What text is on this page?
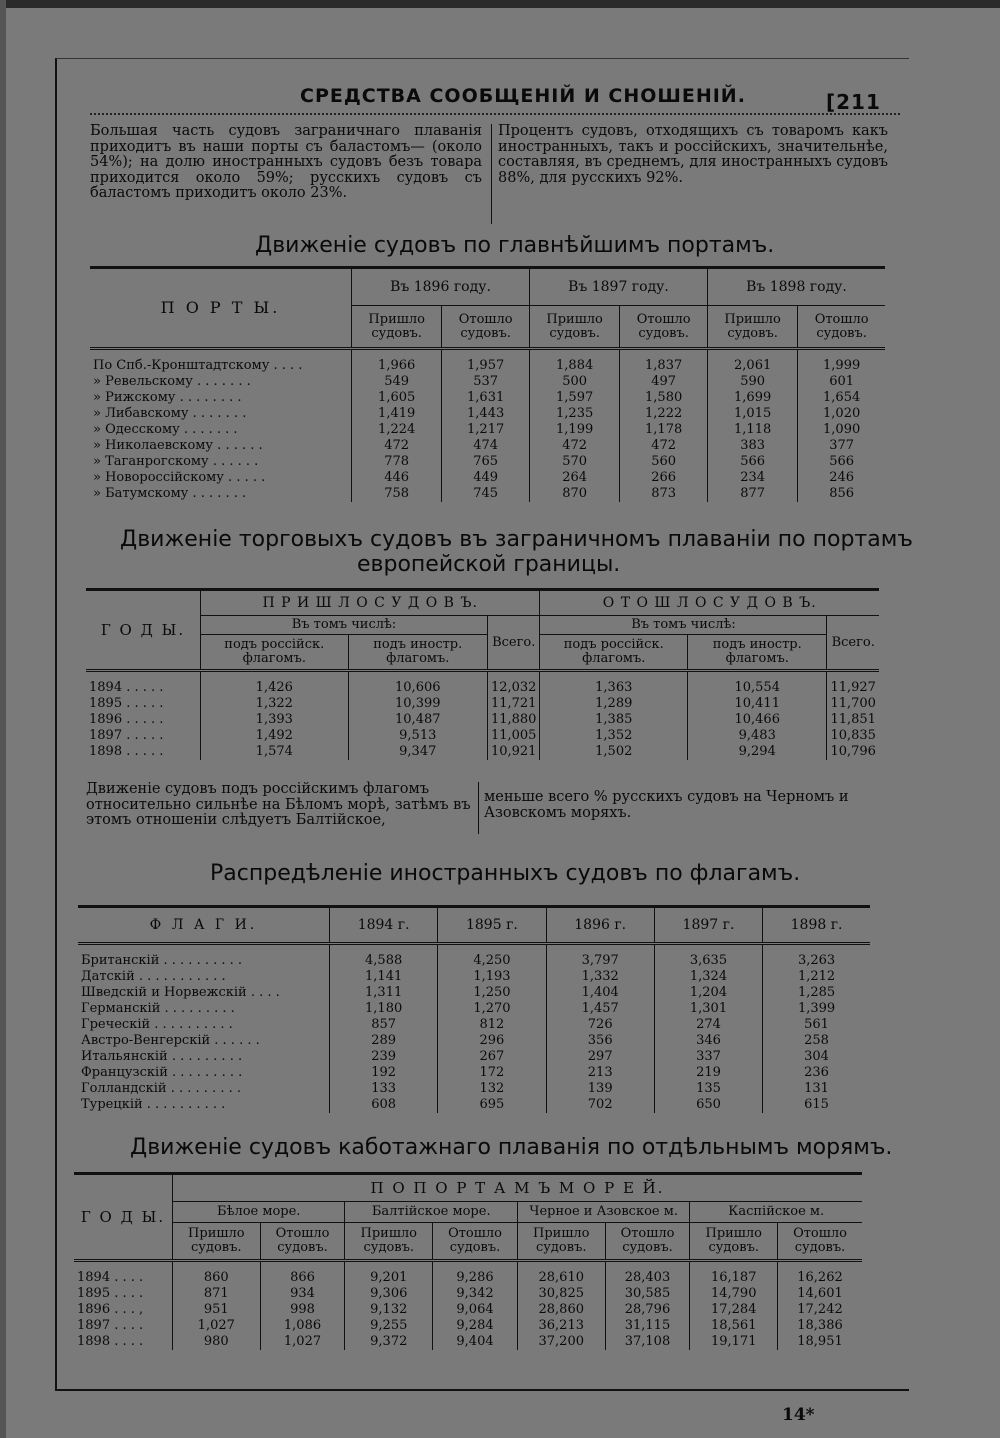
СРЕДСТВА СООБЩЕНІЙ И СНОШЕНІЙ.	[211
Большая часть судовъ заграничнаго плаванія приходитъ въ наши порты съ баластомъ— (около 54%); на долю иностранныхъ судовъ безъ товара приходится около 59%; русскихъ судовъ съ баластомъ приходитъ около 23%.
Процентъ судовъ, отходящихъ съ товаромъ какъ иностранныхъ, такъ и россійскихъ, значительнѣе, составляя, въ среднемъ, для иностранныхъ судовъ 88%, для русскихъ 92%.
Движеніе судовъ по главнѣйшимъ портамъ.
П О Р Т Ы.	Въ 1896 году.		Въ 1897 году.		Въ 1898 году.	
	Пришло судовъ.	Отошло судовъ.	Пришло судовъ.	Отошло судовъ.	Пришло судовъ.	Отошло судовъ.
По Спб.-Кронштадтскому . . . .	1,966	1,957	1,884	1,837	2,061	1,999
» Ревельскому . . . . . . .	549	537	500	497	590	601
» Рижскому . . . . . . . .	1,605	1,631	1,597	1,580	1,699	1,654
» Либавскому . . . . . . .	1,419	1,443	1,235	1,222	1,015	1,020
» Одесскому . . . . . . .	1,224	1,217	1,199	1,178	1,118	1,090
» Николаевскому . . . . . .	472	474	472	472	383	377
» Таганрогскому . . . . . .	778	765	570	560	566	566
» Новороссійскому . . . . .	446	449	264	266	234	246
» Батумскому . . . . . . .	758	745	870	873	877	856
Движеніе торговыхъ судовъ въ заграничномъ плаваніи по портамъ
европейской границы.
Г О Д Ы.	П Р И Ш Л О С У Д О В Ъ.			О Т О Ш Л О С У Д О В Ъ.		
	Въ томъ числѣ:		Всего.	Въ томъ числѣ:		Всего.
	подъ россійск. флагомъ.	подъ иностр. флагомъ.		подъ россійск. флагомъ.	подъ иностр. флагомъ.	
1894 . . . . .	1,426	10,606	12,032	1,363	10,554	11,927
1895 . . . . .	1,322	10,399	11,721	1,289	10,411	11,700
1896 . . . . .	1,393	10,487	11,880	1,385	10,466	11,851
1897 . . . . .	1,492	9,513	11,005	1,352	9,483	10,835
1898 . . . . .	1,574	9,347	10,921	1,502	9,294	10,796
Движеніе судовъ подъ россійскимъ флагомъ относительно сильнѣе на Бѣломъ морѣ, затѣмъ въ этомъ отношеніи слѣдуетъ Балтійское,
меньше всего % русскихъ судовъ на Черномъ и Азовскомъ моряхъ.
Распредѣленіе иностранныхъ судовъ по флагамъ.
Ф Л А Г И.	1894 г.	1895 г.	1896 г.	1897 г.	1898 г.
Британскій . . . . . . . . . .	4,588	4,250	3,797	3,635	3,263
Датскій . . . . . . . . . . .	1,141	1,193	1,332	1,324	1,212
Шведскій и Норвежскій . . . .	1,311	1,250	1,404	1,204	1,285
Германскій . . . . . . . . .	1,180	1,270	1,457	1,301	1,399
Греческій . . . . . . . . . .	857	812	726	274	561
Австро-Венгерскій . . . . . .	289	296	356	346	258
Итальянскій . . . . . . . . .	239	267	297	337	304
Французскій . . . . . . . . .	192	172	213	219	236
Голландскій . . . . . . . . .	133	132	139	135	131
Турецкій . . . . . . . . . .	608	695	702	650	615
Движеніе судовъ каботажнаго плаванія по отдѣльнымъ морямъ.
Г О Д Ы.	П О П О Р Т А М Ъ М О Р Е Й.							
	Бѣлое море.		Балтійское море.		Черное и Азовское м.		Каспійское м.	
	Пришло судовъ.	Отошло судовъ.	Пришло судовъ.	Отошло судовъ.	Пришло судовъ.	Отошло судовъ.	Пришло судовъ.	Отошло судовъ.
1894 . . . .	860	866	9,201	9,286	28,610	28,403	16,187	16,262
1895 . . . .	871	934	9,306	9,342	30,825	30,585	14,790	14,601
1896 . . . ,	951	998	9,132	9,064	28,860	28,796	17,284	17,242
1897 . . . .	1,027	1,086	9,255	9,284	36,213	31,115	18,561	18,386
1898 . . . .	980	1,027	9,372	9,404	37,200	37,108	19,171	18,951
14*
